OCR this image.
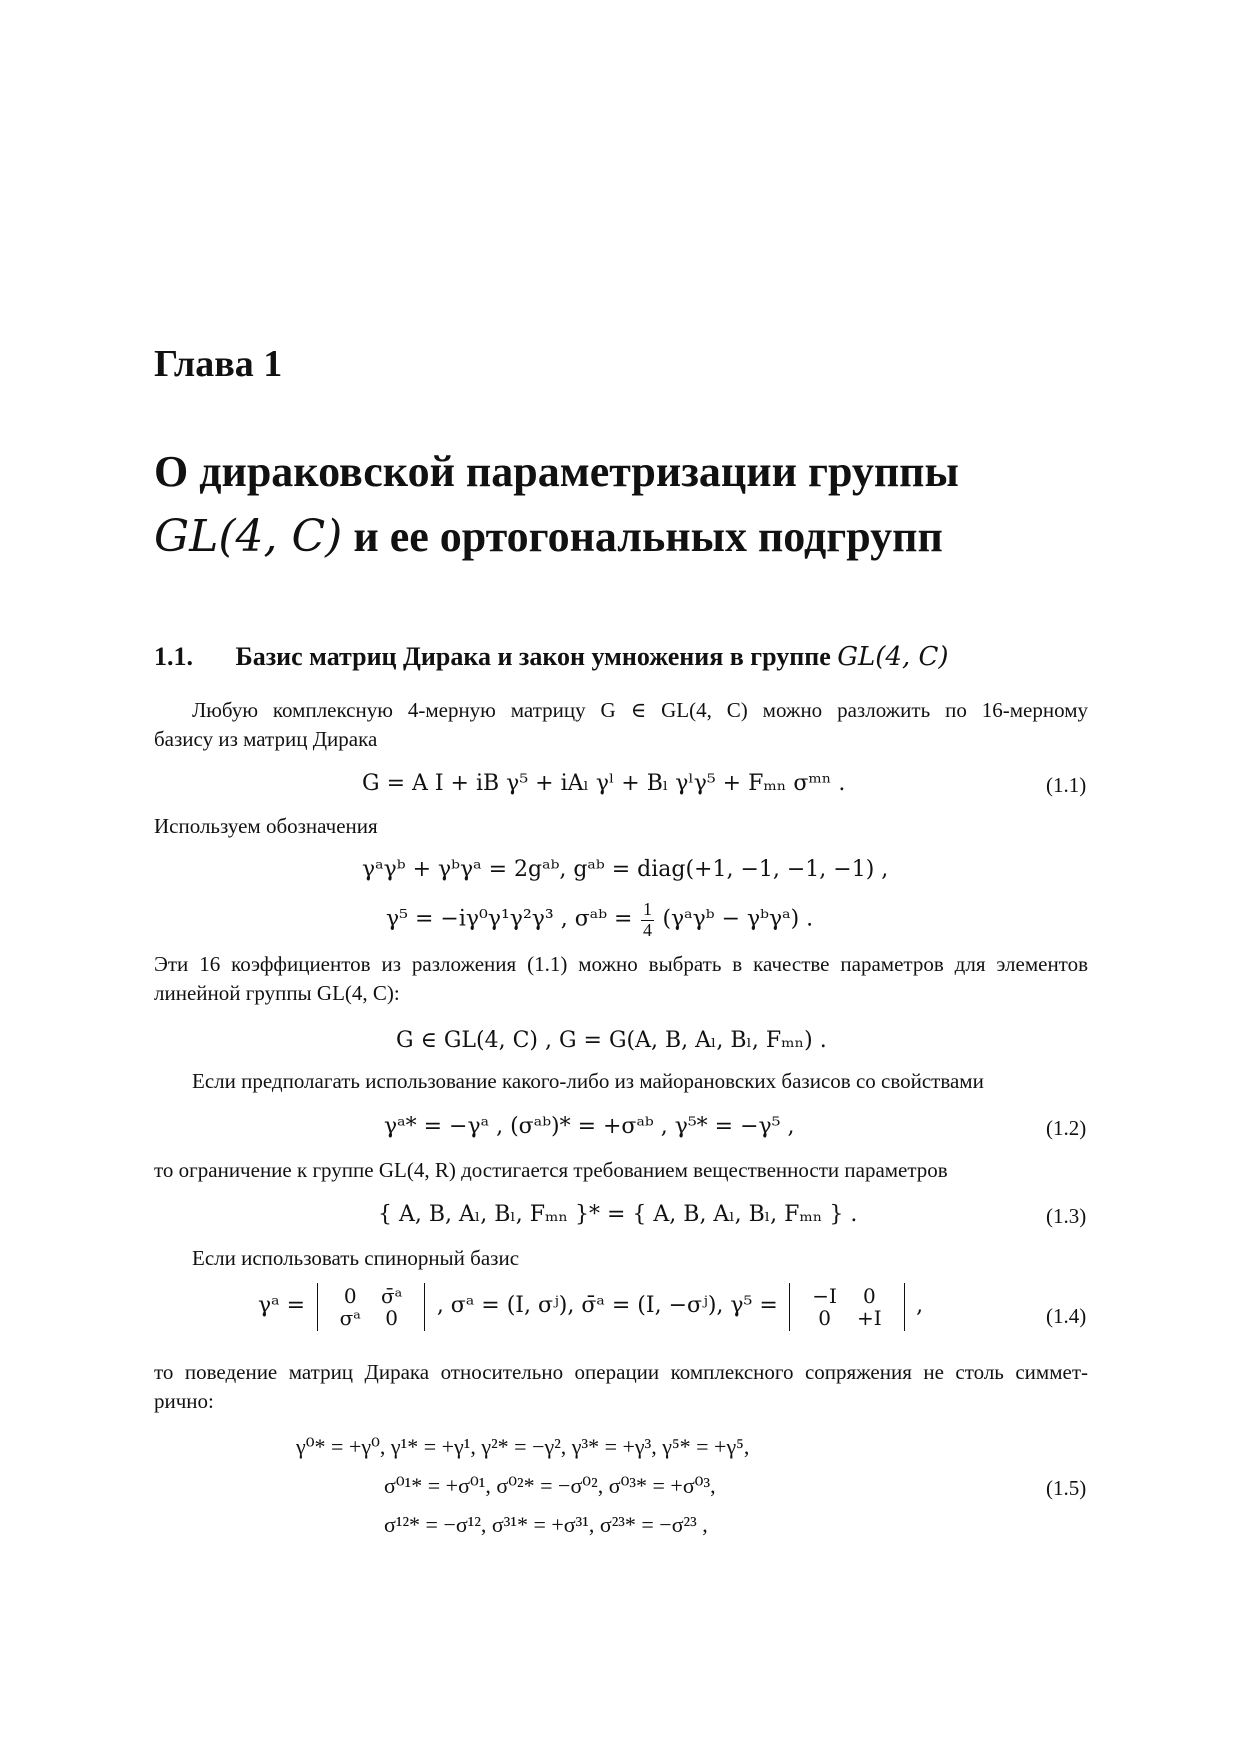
Глава 1
О дираковской параметризации группы
GL(4, C) и ее ортогональных подгрупп
1.1. Базис матриц Дирака и закон умножения в группе GL(4, C)
Любую комплексную 4-мерную матрицу G ∈ GL(4, C) можно разложить по 16-мерному
базису из матриц Дирака
G = A I + iB γ⁵ + iAₗ γˡ + Bₗ γˡγ⁵ + Fₘₙ σᵐⁿ .	(1.1)
Используем обозначения
γᵃγᵇ + γᵇγᵃ = 2gᵃᵇ, gᵃᵇ = diag(+1, −1, −1, −1) ,
γ⁵ = −iγ⁰γ¹γ²γ³ , σᵃᵇ = $\frac{1}{4}$ (γᵃγᵇ − γᵇγᵃ) .
Эти 16 коэффициентов из разложения (1.1) можно выбрать в качестве параметров для элементов
линейной группы GL(4, C):
G ∈ GL(4, C) , G = G(A, B, Aₗ, Bₗ, Fₘₙ) .
Если предполагать использование какого-либо из майорановских базисов со свойствами
γᵃ* = −γᵃ , (σᵃᵇ)* = +σᵃᵇ , γ⁵* = −γ⁵ ,	(1.2)
то ограничение к группе GL(4, R) достигается требованием вещественности параметров
{ A, B, Aₗ, Bₗ, Fₘₙ }* = { A, B, Aₗ, Bₗ, Fₘₙ } .	(1.3)
Если использовать спинорный базис
γᵃ = 0	σ̄ᵃ
σᵃ	0 , σᵃ = (I, σʲ), σ̄ᵃ = (I, −σʲ), γ⁵ = −I	0
0	+I ,	(1.4)
то поведение матриц Дирака относительно операции комплексного сопряжения не столь симмет-
рично:
γ⁰* = +γ⁰, γ¹* = +γ¹, γ²* = −γ², γ³* = +γ³, γ⁵* = +γ⁵,
σ⁰¹* = +σ⁰¹, σ⁰²* = −σ⁰², σ⁰³* = +σ⁰³,
σ¹²* = −σ¹², σ³¹* = +σ³¹, σ²³* = −σ²³ ,
(1.5)
